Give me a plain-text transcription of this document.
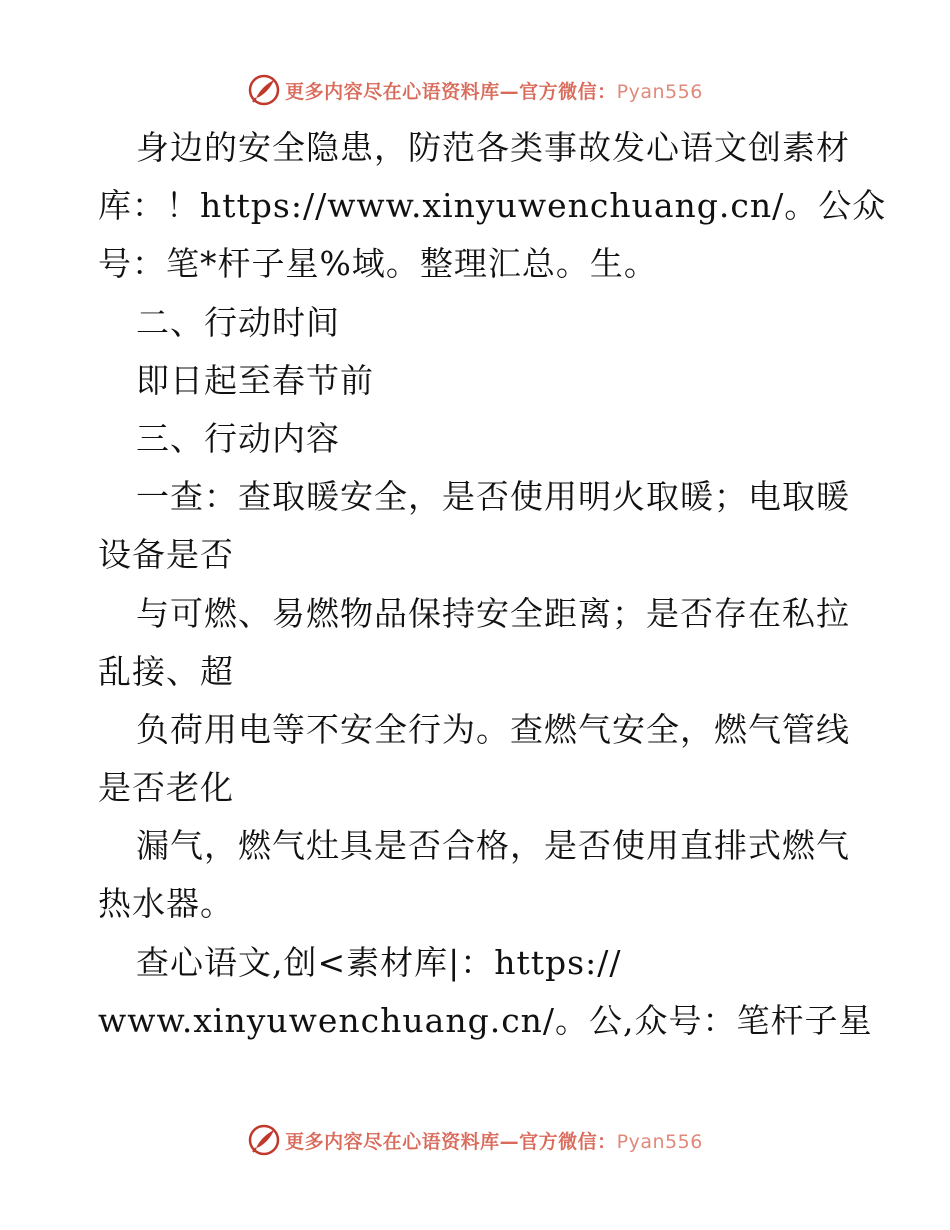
更多内容尽在心语资料库—官方微信：Pyan556
身边的安全隐患，防范各类事故发心语文创素材
库：！https://www.xinyuwenchuang.cn/。公众
号：笔*杆子星%域。整理汇总。生。
二、行动时间
即日起至春节前
三、行动内容
一查：查取暖安全，是否使用明火取暖；电取暖
设备是否
与可燃、易燃物品保持安全距离；是否存在私拉
乱接、超
负荷用电等不安全行为。查燃气安全，燃气管线
是否老化
漏气，燃气灶具是否合格，是否使用直排式燃气
热水器。
查心语文,创<素材库|：https://
www.xinyuwenchuang.cn/。公,众号：笔杆子星
更多内容尽在心语资料库—官方微信：Pyan556
